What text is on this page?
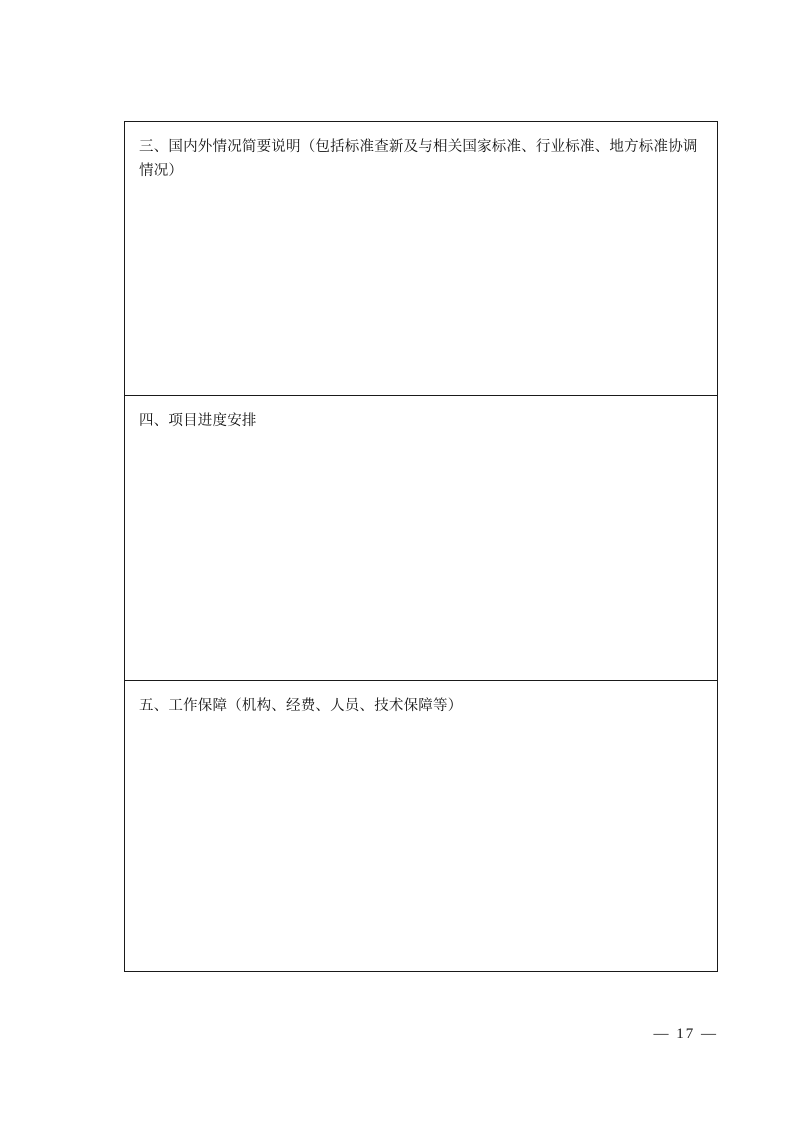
三、国内外情况简要说明（包括标准查新及与相关国家标准、行业标准、地方标准协调情况）
四、项目进度安排
五、工作保障（机构、经费、人员、技术保障等）
— 17 —
